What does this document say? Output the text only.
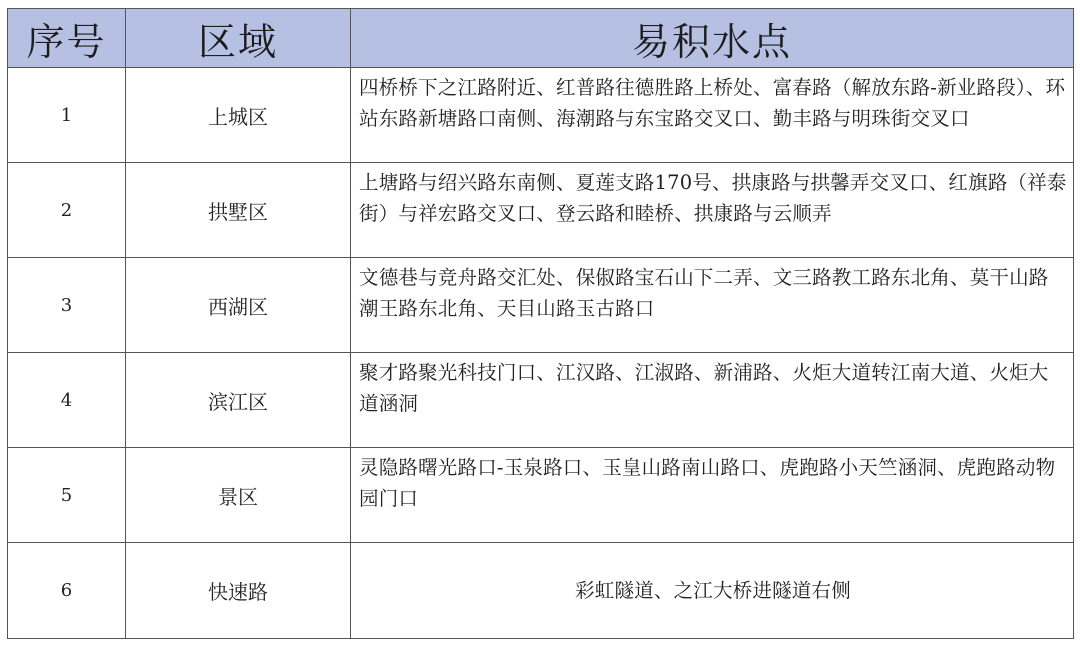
序号	区域	易积水点
1	上城区	四桥桥下之江路附近、红普路往德胜路上桥处、富春路（解放东路-新业路段）、环站东路新塘路口南侧、海潮路与东宝路交叉口、勤丰路与明珠街交叉口
2	拱墅区	上塘路与绍兴路东南侧、夏莲支路170号、拱康路与拱馨弄交叉口、红旗路（祥泰街）与祥宏路交叉口、登云路和睦桥、拱康路与云顺弄
3	西湖区	文德巷与竞舟路交汇处、保俶路宝石山下二弄、文三路教工路东北角、莫干山路潮王路东北角、天目山路玉古路口
4	滨江区	聚才路聚光科技门口、江汉路、江淑路、新浦路、火炬大道转江南大道、火炬大道涵洞
5	景区	灵隐路曙光路口-玉泉路口、玉皇山路南山路口、虎跑路小天竺涵洞、虎跑路动物园门口
6	快速路	彩虹隧道、之江大桥进隧道右侧
